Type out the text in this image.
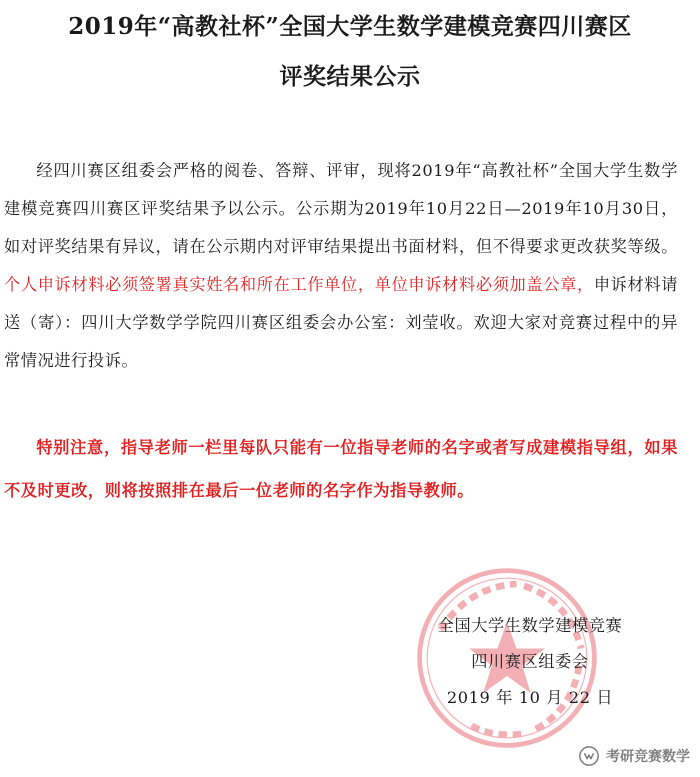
2019年“高教社杯”全国大学生数学建模竞赛四川赛区
评奖结果公示

经四川赛区组委会严格的阅卷、答辩、评审，现将2019年“高教社杯”全国大学生数学建模竞赛四川赛区评奖结果予以公示。公示期为2019年10月22日—2019年10月30日，如对评奖结果有异议，请在公示期内对评审结果提出书面材料，但不得要求更改获奖等级。个人申诉材料必须签署真实姓名和所在工作单位，单位申诉材料必须加盖公章，申诉材料请送（寄）：四川大学数学学院四川赛区组委会办公室：刘莹收。欢迎大家对竞赛过程中的异常情况进行投诉。

特别注意，指导老师一栏里每队只能有一位指导老师的名字或者写成建模指导组，如果不及时更改，则将按照排在最后一位老师的名字作为指导教师。

全国大学生数学建模竞赛

四川赛区组委会

2019 年 10 月 22 日

考研竞赛数学
